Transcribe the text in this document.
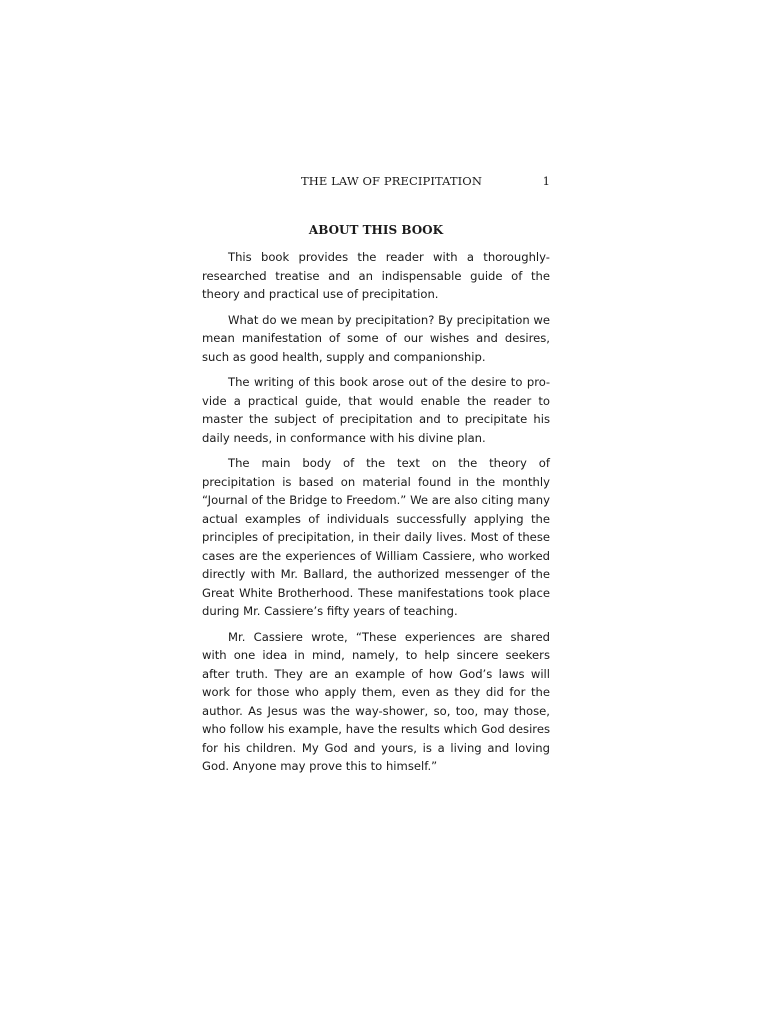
THE LAW OF PRECIPITATION	1
ABOUT THIS BOOK

This book provides the reader with a thoroughly-researched treatise and an indispensable guide of the theory and practical use of precipitation.

What do we mean by precipitation? By precipitation we mean manifestation of some of our wishes and desires, such as good health, supply and companionship.

The writing of this book arose out of the desire to provide a practical guide, that would enable the reader to master the subject of precipitation and to precipitate his daily needs, in conformance with his divine plan.

The main body of the text on the theory of precipitation is based on material found in the monthly “Journal of the Bridge to Freedom.” We are also citing many actual examples of individuals successfully applying the principles of precipitation, in their daily lives. Most of these cases are the experiences of William Cassiere, who worked directly with Mr. Ballard, the authorized messenger of the Great White Brotherhood. These manifestations took place during Mr. Cassiere’s fifty years of teaching.

Mr. Cassiere wrote, “These experiences are shared with one idea in mind, namely, to help sincere seekers after truth. They are an example of how God’s laws will work for those who apply them, even as they did for the author. As Jesus was the way-shower, so, too, may those, who follow his example, have the results which God desires for his children. My God and yours, is a living and loving God. Anyone may prove this to himself.”
